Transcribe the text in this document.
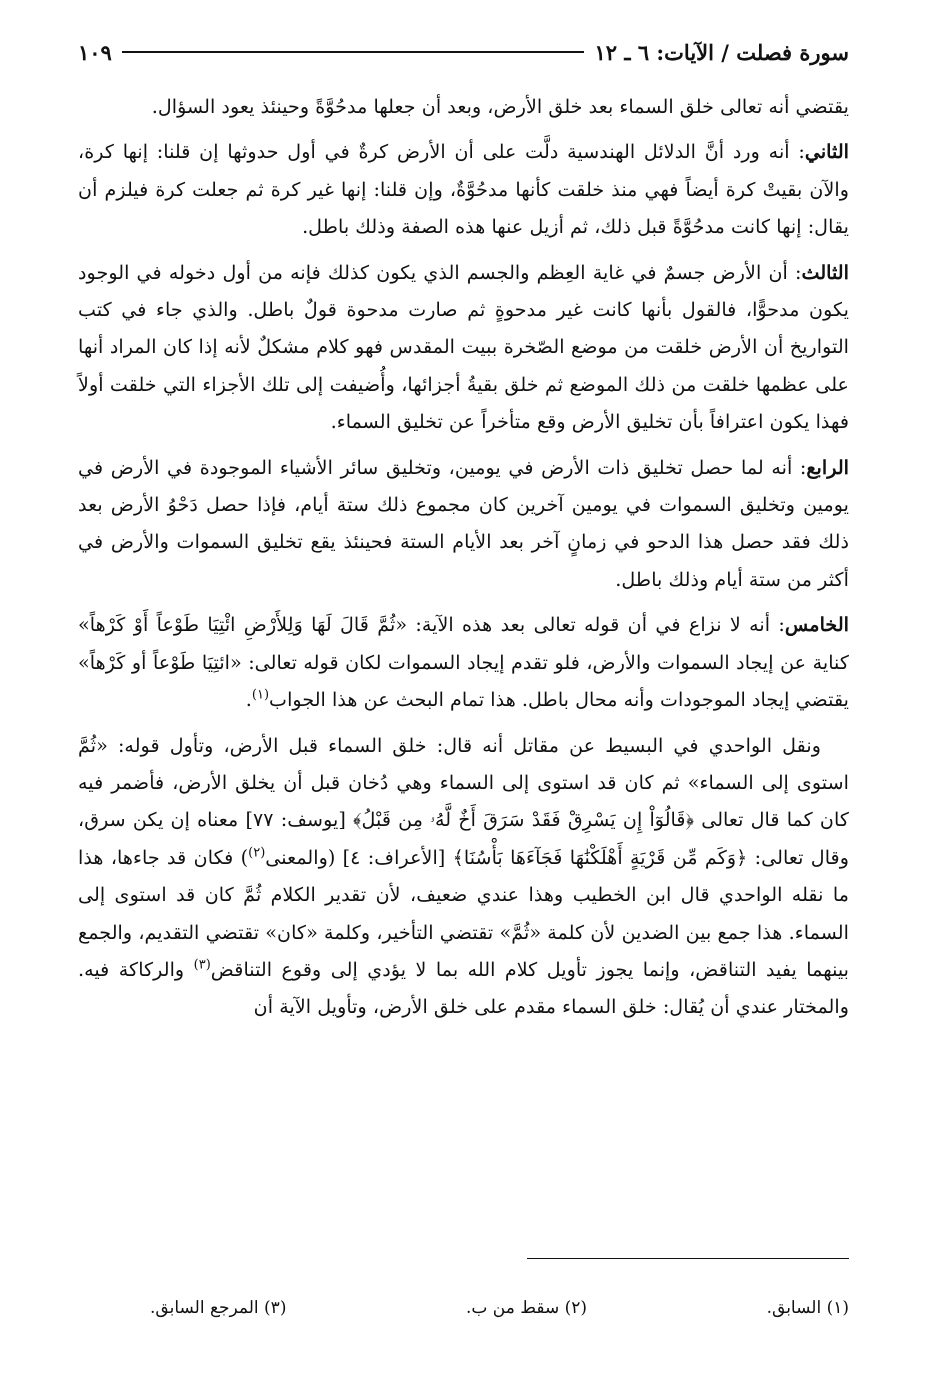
سورة فصلت / الآيات: ٦ ـ ١٢
١٠٩

يقتضي أنه تعالى خلق السماء بعد خلق الأرض، وبعد أن جعلها مدحُوَّةً وحينئذ يعود السؤال.

الثاني: أنه ورد أنَّ الدلائل الهندسية دلَّت على أن الأرض كرةٌ في أول حدوثها إن قلنا: إنها كرة، والآن بقيتْ كرة أيضاً فهي منذ خلقت كأنها مدحُوَّةٌ، وإن قلنا: إنها غير كرة ثم جعلت كرة فيلزم أن يقال: إنها كانت مدحُوَّةً قبل ذلك، ثم أزيل عنها هذه الصفة وذلك باطل.

الثالث: أن الأرض جسمٌ في غاية العِظم والجسم الذي يكون كذلك فإنه من أول دخوله في الوجود يكون مدحوًّا، فالقول بأنها كانت غير مدحوةٍ ثم صارت مدحوة قولٌ باطل. والذي جاء في كتب التواريخ أن الأرض خلقت من موضع الصّخرة ببيت المقدس فهو كلام مشكلٌ لأنه إذا كان المراد أنها على عظمها خلقت من ذلك الموضع ثم خلق بقيةُ أجزائها، وأُضيفت إلى تلك الأجزاء التي خلقت أولاً فهذا يكون اعترافاً بأن تخليق الأرض وقع متأخراً عن تخليق السماء.

الرابع: أنه لما حصل تخليق ذات الأرض في يومين، وتخليق سائر الأشياء الموجودة في الأرض في يومين وتخليق السموات في يومين آخرين كان مجموع ذلك ستة أيام، فإذا حصل دَحْوُ الأرض بعد ذلك فقد حصل هذا الدحو في زمانٍ آخر بعد الأيام الستة فحينئذ يقع تخليق السموات والأرض في أكثر من ستة أيام وذلك باطل.

الخامس: أنه لا نزاع في أن قوله تعالى بعد هذه الآية: «ثُمَّ قَالَ لَهَا وَلِلأَرْضِ ائْتِيَا طَوْعاً أَوْ كَرْهاً» كناية عن إيجاد السموات والأرض، فلو تقدم إيجاد السموات لكان قوله تعالى: «ائتِيَا طَوْعاً أو كَرْهاً» يقتضي إيجاد الموجودات وأنه محال باطل. هذا تمام البحث عن هذا الجواب$^{(١)}$.

ونقل الواحدي في البسيط عن مقاتل أنه قال: خلق السماء قبل الأرض، وتأول قوله: «ثُمَّ استوى إلى السماء» ثم كان قد استوى إلى السماء وهي دُخان قبل أن يخلق الأرض، فأضمر فيه كان كما قال تعالى ﴿قَالُوٓاْ إِن يَسْرِقْ فَقَدْ سَرَقَ أَخٌ لَّهُۥ مِن قَبْلُ﴾ [يوسف: ٧٧] معناه إن يكن سرق، وقال تعالى: ﴿وَكَم مِّن قَرْيَةٍ أَهْلَكْنَٰهَا فَجَآءَهَا بَأْسُنَا﴾ [الأعراف: ٤] (والمعنى$^{(٢)}$) فكان قد جاءها، هذا ما نقله الواحدي قال ابن الخطيب وهذا عندي ضعيف، لأن تقدير الكلام ثُمَّ كان قد استوى إلى السماء. هذا جمع بين الضدين لأن كلمة «ثُمَّ» تقتضي التأخير، وكلمة «كان» تقتضي التقديم، والجمع بينهما يفيد التناقض، وإنما يجوز تأويل كلام الله بما لا يؤدي إلى وقوع التناقض$^{(٣)}$ والركاكة فيه. والمختار عندي أن يُقال: خلق السماء مقدم على خلق الأرض، وتأويل الآية أن

(١) السابق.
(٢) سقط من ب.
(٣) المرجع السابق.
